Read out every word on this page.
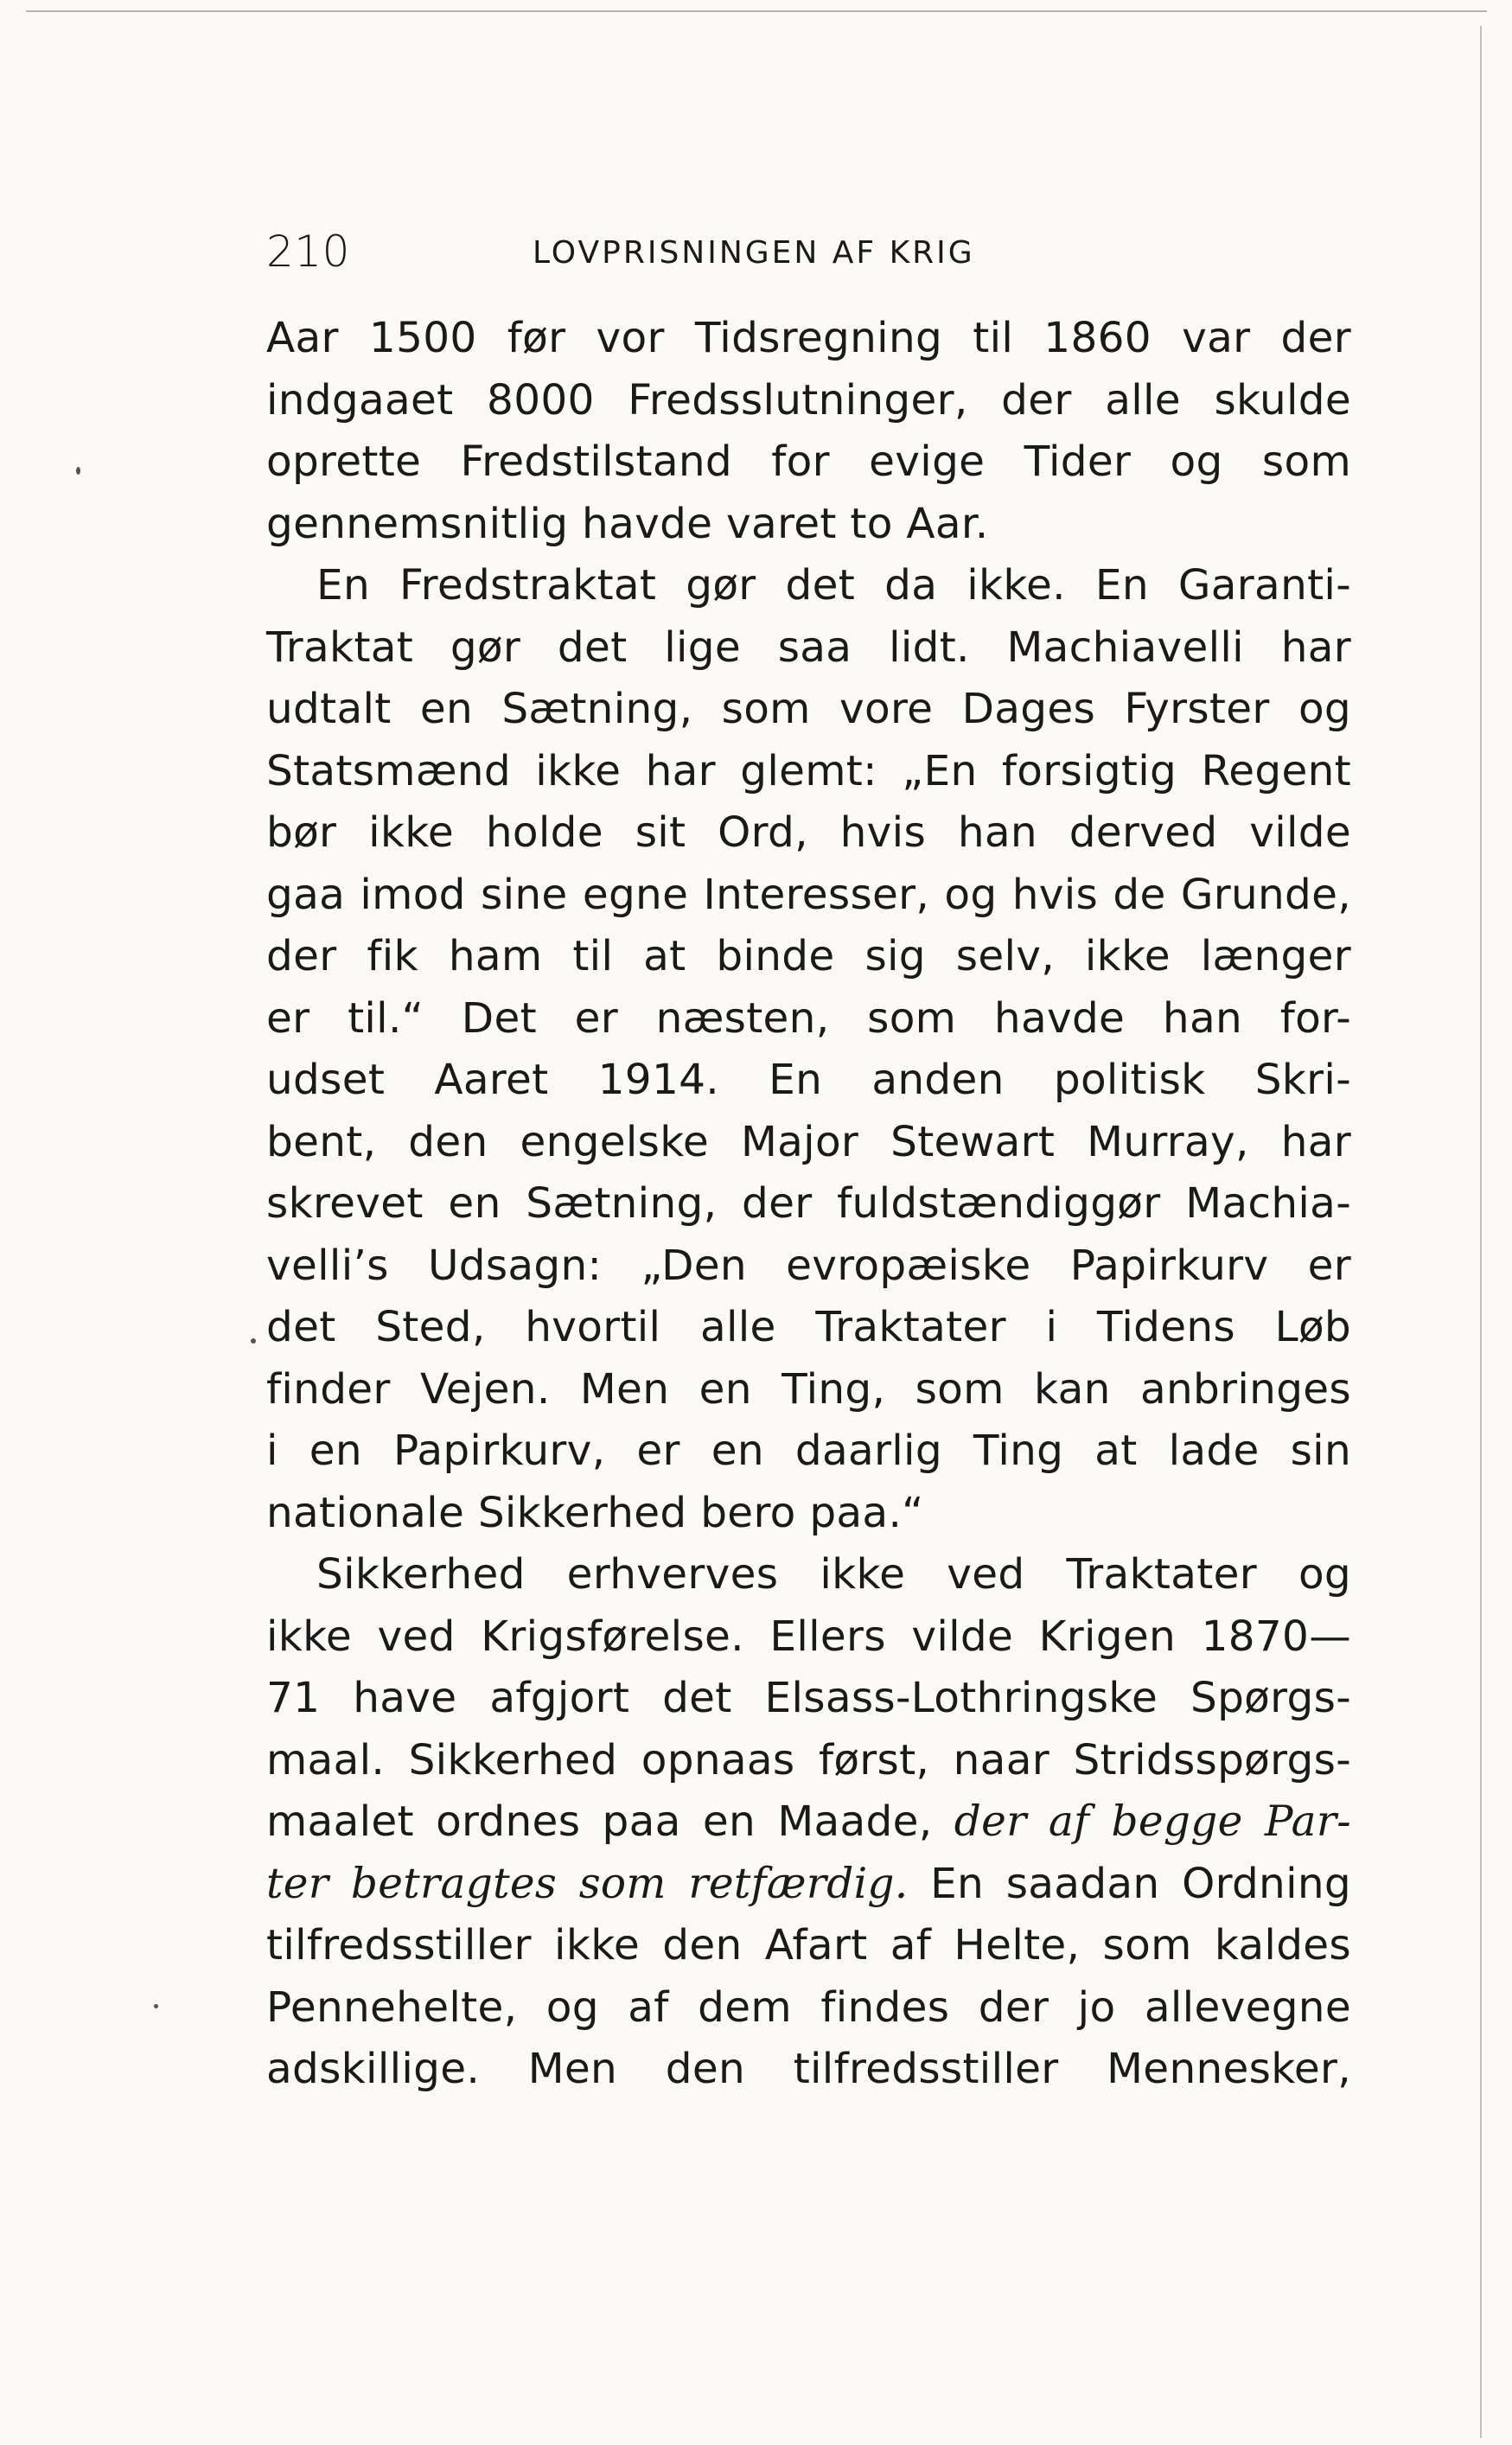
210	LOVPRISNINGEN AF KRIG
Aar 1500 før vor Tidsregning til 1860 var der
indgaaet 8000 Fredsslutninger, der alle skulde
oprette Fredstilstand for evige Tider og som
gennemsnitlig havde varet to Aar.
En Fredstraktat gør det da ikke. En Garanti-
Traktat gør det lige saa lidt. Machiavelli har
udtalt en Sætning, som vore Dages Fyrster og
Statsmænd ikke har glemt: „En forsigtig Regent
bør ikke holde sit Ord, hvis han derved vilde
gaa imod sine egne Interesser, og hvis de Grunde,
der fik ham til at binde sig selv, ikke længer
er til.“ Det er næsten, som havde han for-
udset Aaret 1914. En anden politisk Skri-
bent, den engelske Major Stewart Murray, har
skrevet en Sætning, der fuldstændiggør Machia-
velli’s Udsagn: „Den evropæiske Papirkurv er
det Sted, hvortil alle Traktater i Tidens Løb
finder Vejen. Men en Ting, som kan anbringes
i en Papirkurv, er en daarlig Ting at lade sin
nationale Sikkerhed bero paa.“
Sikkerhed erhverves ikke ved Traktater og
ikke ved Krigsførelse. Ellers vilde Krigen 1870—
71 have afgjort det Elsass-Lothringske Spørgs-
maal. Sikkerhed opnaas først, naar Stridsspørgs-
maalet ordnes paa en Maade, der af begge Par-
ter betragtes som retfærdig. En saadan Ordning
tilfredsstiller ikke den Afart af Helte, som kaldes
Pennehelte, og af dem findes der jo allevegne
adskillige. Men den tilfredsstiller Mennesker,
